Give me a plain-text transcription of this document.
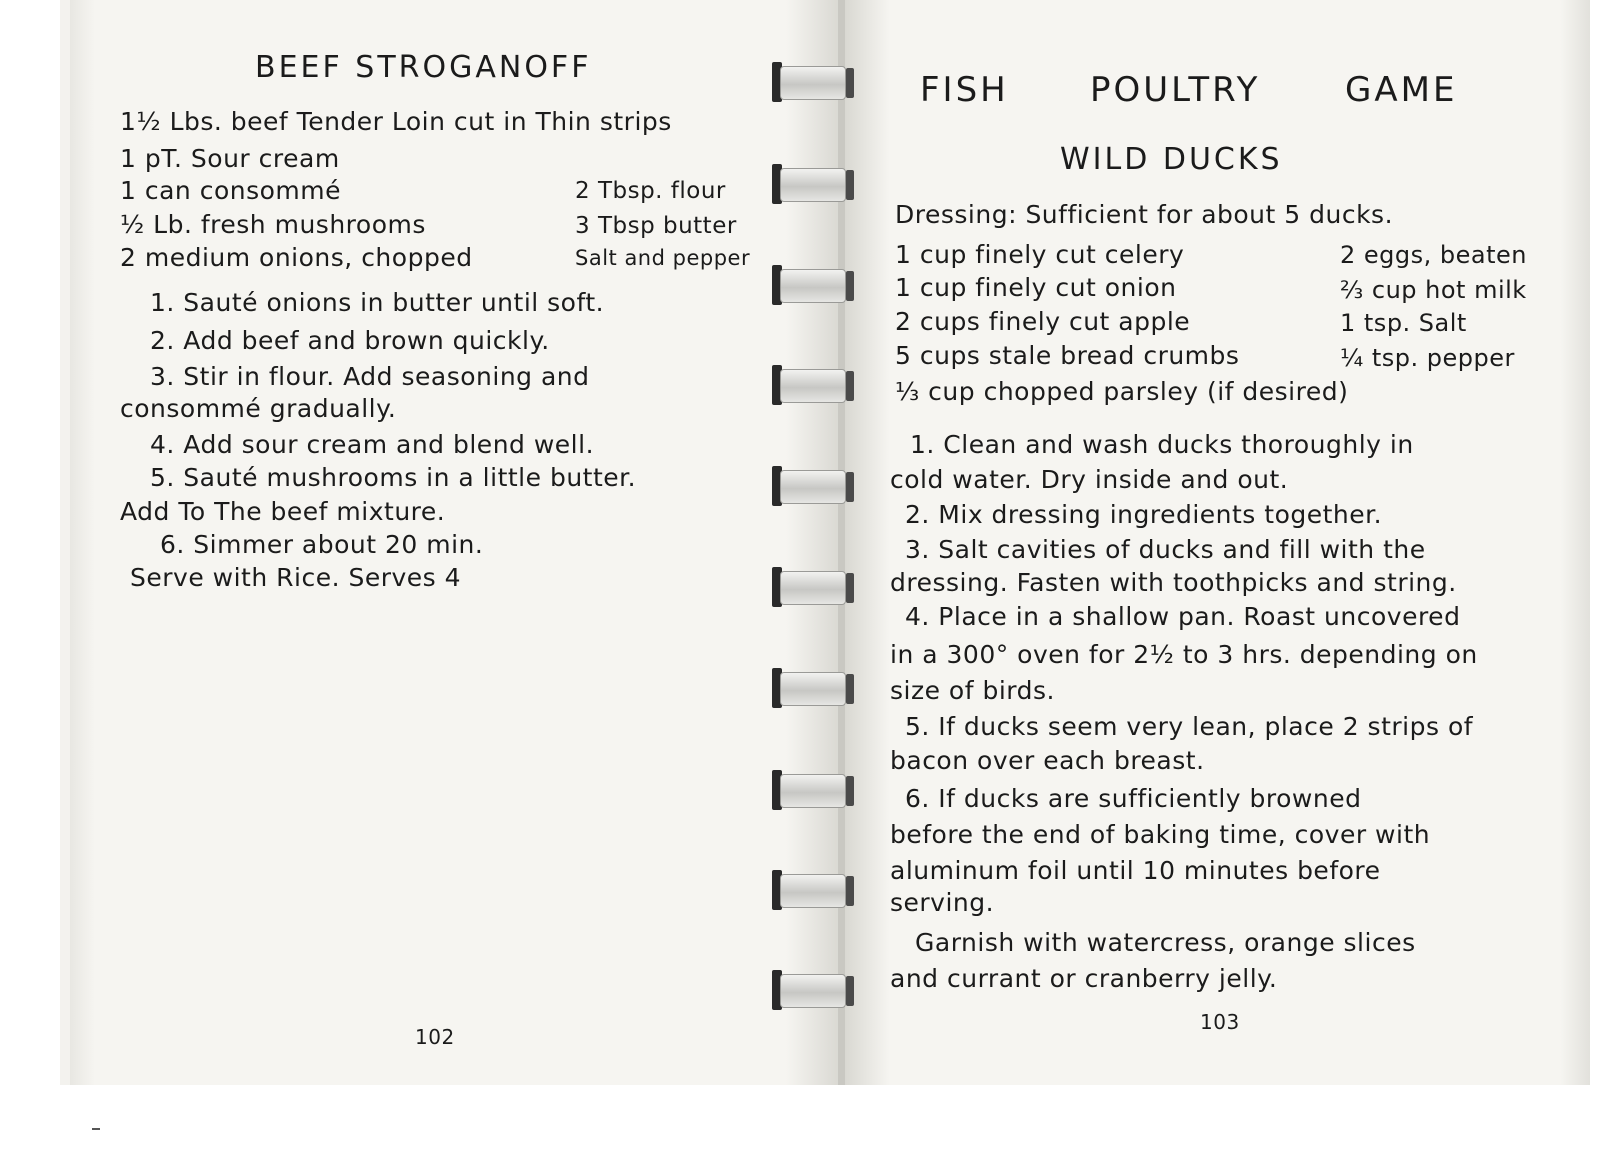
BEEF STROGANOFF
1½ Lbs. beef Tender Loin cut in Thin strips
1 pT. Sour cream
1 can consommé
½ Lb. fresh mushrooms
2 medium onions, chopped
2 Tbsp. flour
3 Tbsp butter
Salt and pepper
1. Sauté onions in butter until soft.
2. Add beef and brown quickly.
3. Stir in flour. Add seasoning and
consommé gradually.
4. Add sour cream and blend well.
5. Sauté mushrooms in a little butter.
Add To The beef mixture.
6. Simmer about 20 min.
Serve with Rice. Serves 4
102
FISH POULTRY GAME
WILD DUCKS
Dressing: Sufficient for about 5 ducks.
1 cup finely cut celery
1 cup finely cut onion
2 cups finely cut apple
5 cups stale bread crumbs
⅓ cup chopped parsley (if desired)
2 eggs, beaten
⅔ cup hot milk
1 tsp. Salt
¼ tsp. pepper
1. Clean and wash ducks thoroughly in
cold water. Dry inside and out.
2. Mix dressing ingredients together.
3. Salt cavities of ducks and fill with the
dressing. Fasten with toothpicks and string.
4. Place in a shallow pan. Roast uncovered
in a 300° oven for 2½ to 3 hrs. depending on
size of birds.
5. If ducks seem very lean, place 2 strips of
bacon over each breast.
6. If ducks are sufficiently browned
before the end of baking time, cover with
aluminum foil until 10 minutes before
serving.
Garnish with watercress, orange slices
and currant or cranberry jelly.
103
